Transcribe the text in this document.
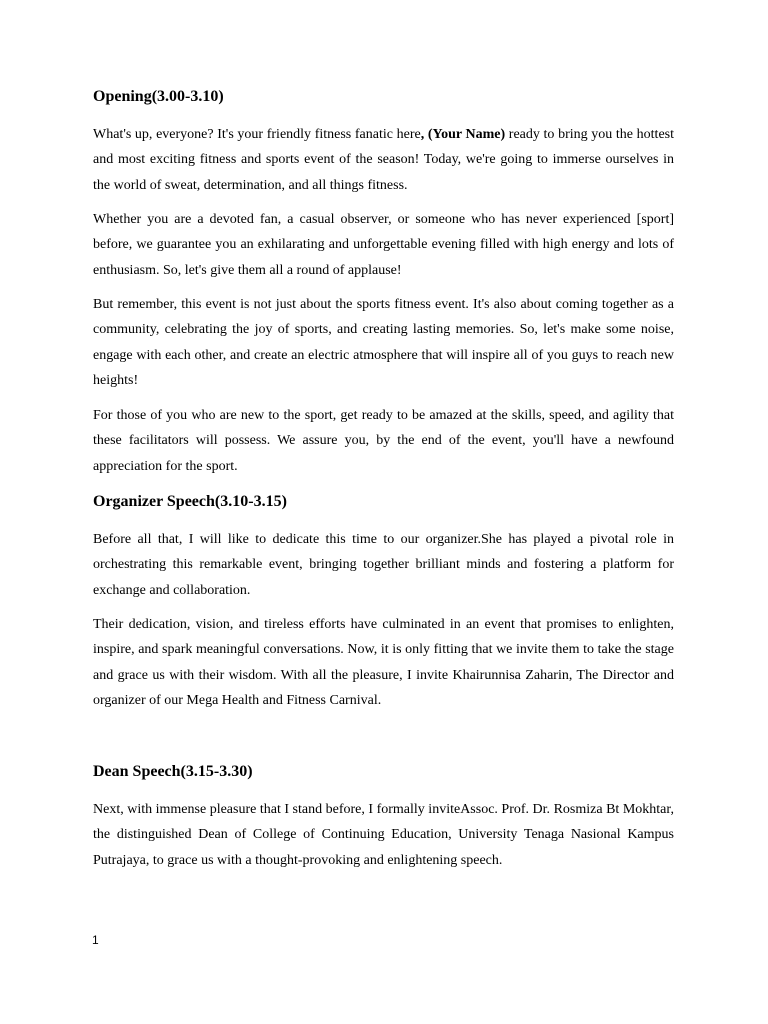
Opening(3.00-3.10)

What's up, everyone? It's your friendly fitness fanatic here, (Your Name) ready to bring you the hottest and most exciting fitness and sports event of the season! Today, we're going to immerse ourselves in the world of sweat, determination, and all things fitness.

Whether you are a devoted fan, a casual observer, or someone who has never experienced [sport] before, we guarantee you an exhilarating and unforgettable evening filled with high energy and lots of enthusiasm. So, let's give them all a round of applause!

But remember, this event is not just about the sports fitness event. It's also about coming together as a community, celebrating the joy of sports, and creating lasting memories. So, let's make some noise, engage with each other, and create an electric atmosphere that will inspire all of you guys to reach new heights!

For those of you who are new to the sport, get ready to be amazed at the skills, speed, and agility that these facilitators will possess. We assure you, by the end of the event, you'll have a newfound appreciation for the sport.

Organizer Speech(3.10-3.15)

Before all that, I will like to dedicate this time to our organizer.She has played a pivotal role in orchestrating this remarkable event, bringing together brilliant minds and fostering a platform for exchange and collaboration.

Their dedication, vision, and tireless efforts have culminated in an event that promises to enlighten, inspire, and spark meaningful conversations. Now, it is only fitting that we invite them to take the stage and grace us with their wisdom. With all the pleasure, I invite Khairunnisa Zaharin, The Director and organizer of our Mega Health and Fitness Carnival.

Dean Speech(3.15-3.30)

Next, with immense pleasure that I stand before, I formally inviteAssoc. Prof. Dr. Rosmiza Bt Mokhtar, the distinguished Dean of College of Continuing Education, University Tenaga Nasional Kampus Putrajaya, to grace us with a thought-provoking and enlightening speech.

1
